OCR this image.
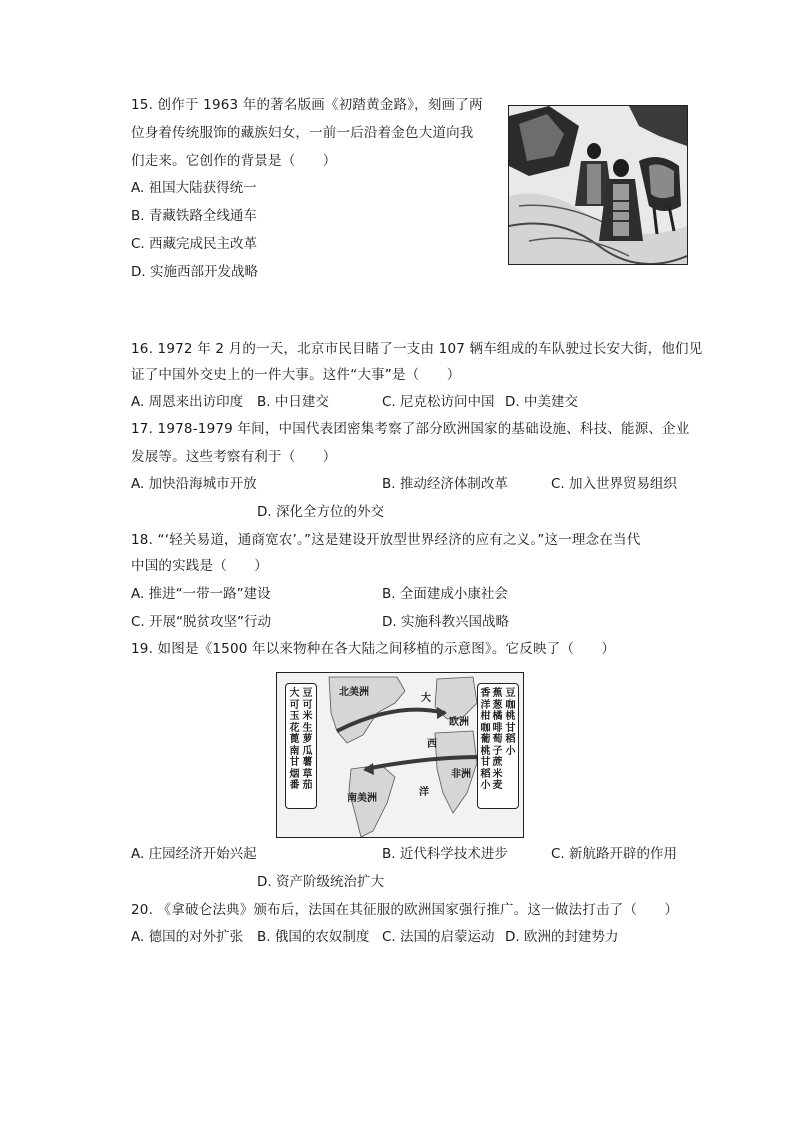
15. 创作于 1963 年的著名版画《初踏黄金路》，刻画了两
位身着传统服饰的藏族妇女，一前一后沿着金色大道向我
们走来。它创作的背景是（　　）
A. 祖国大陆获得统一
B. 青藏铁路全线通车
C. 西藏完成民主改革
D. 实施西部开发战略
16. 1972 年 2 月的一天，北京市民目睹了一支由 107 辆车组成的车队驶过长安大街，他们见
证了中国外交史上的一件大事。这件“大事”是（　　）
A. 周恩来出访印度 B. 中日建交	C. 尼克松访问中国 D. 中美建交
17. 1978-1979 年间，中国代表团密集考察了部分欧洲国家的基础设施、科技、能源、企业
发展等。这些考察有利于（　　）
A. 加快沿海城市开放	B. 推动经济体制改革	C. 加入世界贸易组织
D. 深化全方位的外交
18. “‘轻关易道，通商宽农’。”这是建设开放型世界经济的应有之义。”这一理念在当代
中国的实践是（　　）
A. 推进“一带一路”建设	B. 全面建成小康社会
C. 开展“脱贫攻坚”行动	D. 实施科教兴国战略
19. 如图是《1500 年以来物种在各大陆之间移植的示意图》。它反映了（　　）
豆可米生萝瓜薯草茄
大可玉花蓖南甘烟番
豆咖桃甘稻小
香洋柑咖葡桃甘稻小
蕉葱橘啡萄子蔗米麦
北美洲
南美洲
欧洲
非洲
大
西
洋
A. 庄园经济开始兴起	B. 近代科学技术进步	C. 新航路开辟的作用
D. 资产阶级统治扩大
20. 《拿破仑法典》颁布后，法国在其征服的欧洲国家强行推广。这一做法打击了（　　）
A. 德国的对外扩张 B. 俄国的农奴制度 C. 法国的启蒙运动 D. 欧洲的封建势力
